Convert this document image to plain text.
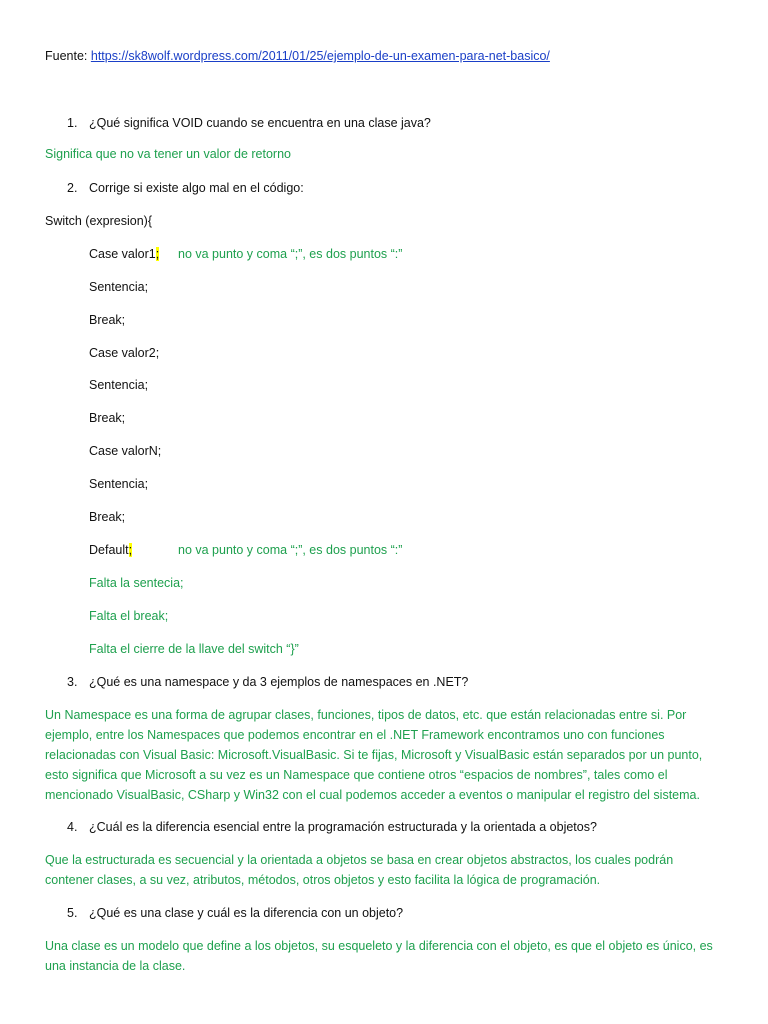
Fuente: https://sk8wolf.wordpress.com/2011/01/25/ejemplo-de-un-examen-para-net-basico/
1. ¿Qué significa VOID cuando se encuentra en una clase java?
Significa que no va tener un valor de retorno
2. Corrige si existe algo mal en el código:
Switch (expresion){
Case valor1; no va punto y coma “;”, es dos puntos “:”
Sentencia;
Break;
Case valor2;
Sentencia;
Break;
Case valorN;
Sentencia;
Break;
Default;	no va punto y coma “;”, es dos puntos “:”
Falta la sentecia;
Falta el break;
Falta el cierre de la llave del switch “}”
3. ¿Qué es una namespace y da 3 ejemplos de namespaces en .NET?
Un Namespace es una forma de agrupar clases, funciones, tipos de datos, etc. que están relacionadas entre si. Por
ejemplo, entre los Namespaces que podemos encontrar en el .NET Framework encontramos uno con funciones
relacionadas con Visual Basic: Microsoft.VisualBasic. Si te fijas, Microsoft y VisualBasic están separados por un punto,
esto significa que Microsoft a su vez es un Namespace que contiene otros “espacios de nombres”, tales como el
mencionado VisualBasic, CSharp y Win32 con el cual podemos acceder a eventos o manipular el registro del sistema.
4. ¿Cuál es la diferencia esencial entre la programación estructurada y la orientada a objetos?
Que la estructurada es secuencial y la orientada a objetos se basa en crear objetos abstractos, los cuales podrán
contener clases, a su vez, atributos, métodos, otros objetos y esto facilita la lógica de programación.
5. ¿Qué es una clase y cuál es la diferencia con un objeto?
Una clase es un modelo que define a los objetos, su esqueleto y la diferencia con el objeto, es que el objeto es único, es
una instancia de la clase.
